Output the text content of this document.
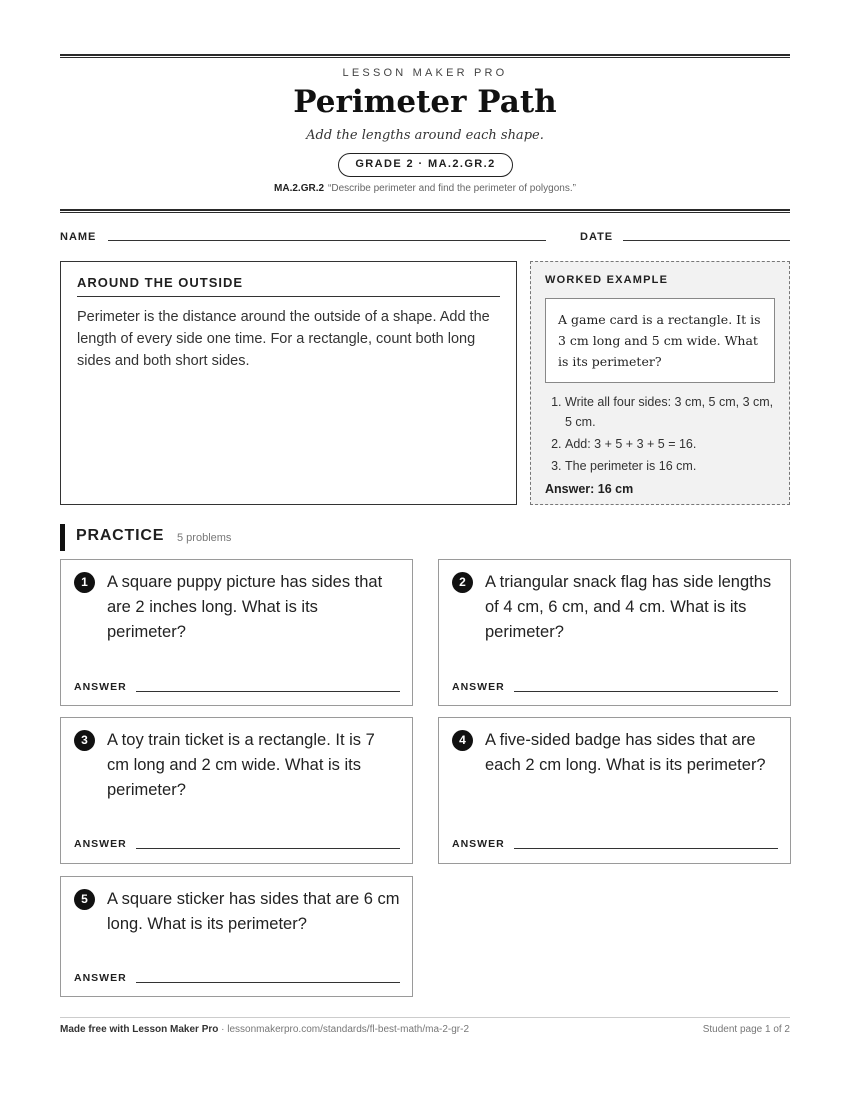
LESSON MAKER PRO
Perimeter Path
Add the lengths around each shape.
GRADE 2 · MA.2.GR.2
MA.2.GR.2 “Describe perimeter and find the perimeter of polygons.”
NAME	DATE
AROUND THE OUTSIDE

Perimeter is the distance around the outside of a shape. Add the length of every side one time. For a rectangle, count both long sides and both short sides.

WORKED EXAMPLE
A game card is a rectangle. It is 3 cm long and 5 cm wide. What is its perimeter?
1. Write all four sides: 3 cm, 5 cm, 3 cm, 5 cm.
2. Add: 3 + 5 + 3 + 5 = 16.
3. The perimeter is 16 cm.
Answer: 16 cm
PRACTICE 5 problems
1	A square puppy picture has sides that are 2 inches long. What is its perimeter?
ANSWER
2	A triangular snack flag has side lengths of 4 cm, 6 cm, and 4 cm. What is its perimeter?
ANSWER
3	A toy train ticket is a rectangle. It is 7 cm long and 2 cm wide. What is its perimeter?
ANSWER
4	A five-sided badge has sides that are each 2 cm long. What is its perimeter?
ANSWER
5	A square sticker has sides that are 6 cm long. What is its perimeter?
ANSWER
Made free with Lesson Maker Pro · lessonmakerpro.com/standards/fl-best-math/ma-2-gr-2	Student page 1 of 2
